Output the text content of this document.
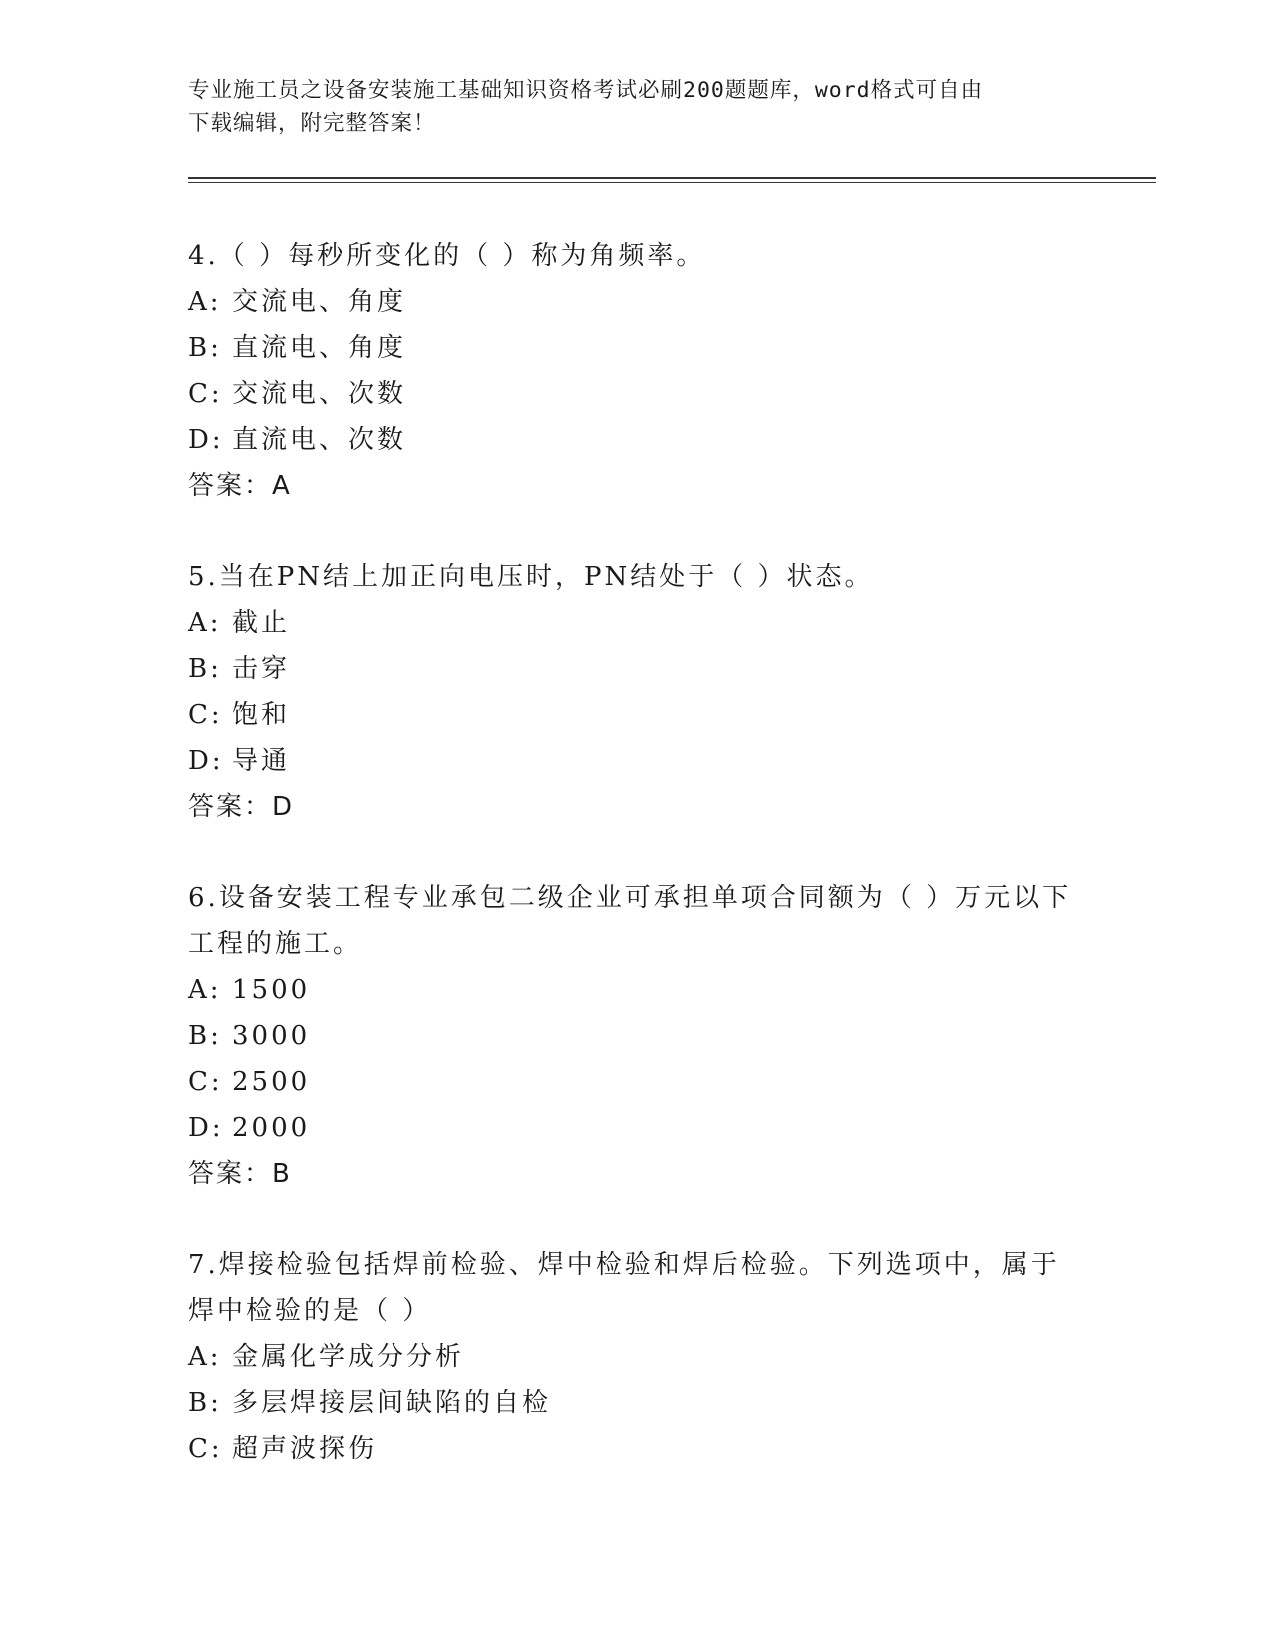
专业施工员之设备安装施工基础知识资格考试必刷200题题库，word格式可自由
下载编辑，附完整答案！
4.（ ）每秒所变化的（ ）称为角频率。
A: 交流电、角度
B: 直流电、角度
C: 交流电、次数
D: 直流电、次数
答案：A
5.当在PN结上加正向电压时，PN结处于（ ）状态。
A: 截止
B: 击穿
C: 饱和
D: 导通
答案：D
6.设备安装工程专业承包二级企业可承担单项合同额为（ ）万元以下工程的施工。
A: 1500
B: 3000
C: 2500
D: 2000
答案：B
7.焊接检验包括焊前检验、焊中检验和焊后检验。下列选项中，属于焊中检验的是（ ）
A: 金属化学成分分析
B: 多层焊接层间缺陷的自检
C: 超声波探伤
